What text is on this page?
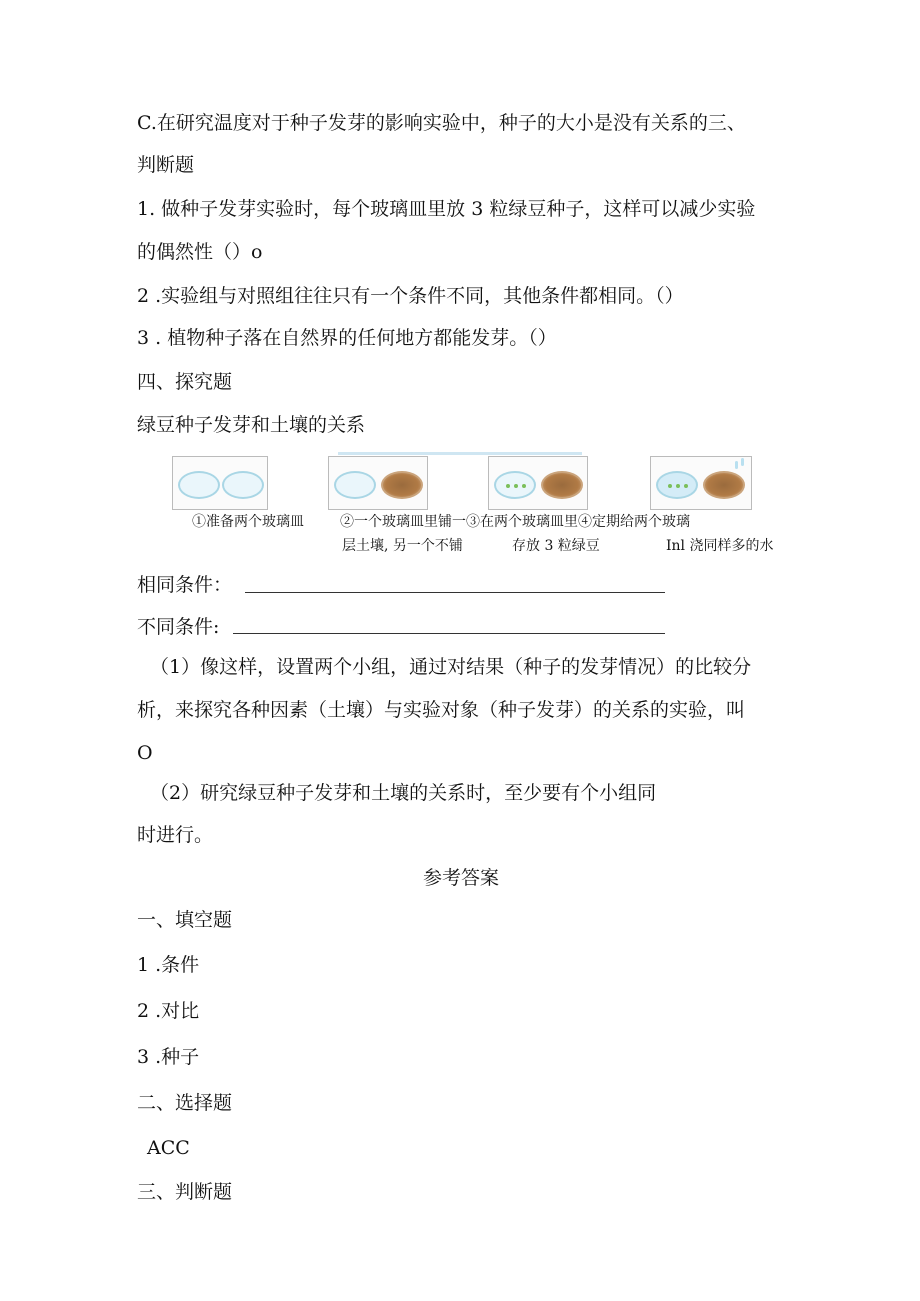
C.在研究温度对于种子发芽的影响实验中，种子的大小是没有关系的三、
判断题
1. 做种子发芽实验时，每个玻璃皿里放 3 粒绿豆种子，这样可以减少实验
的偶然性（）o
2 .实验组与对照组往往只有一个条件不同，其他条件都相同。（）
3 . 植物种子落在自然界的任何地方都能发芽。（）
四、探究题
绿豆种子发芽和土壤的关系
①准备两个玻璃皿	②一个玻璃皿里铺一③在两个玻璃皿里④定期给两个玻璃
层土壤, 另一个不铺	存放 3 粒绿豆	Inl 浇同样多的水
相同条件：
不同条件:
（1）像这样，设置两个小组，通过对结果（种子的发芽情况）的比较分
析，来探究各种因素（土壤）与实验对象（种子发芽）的关系的实验，叫
O
（2）研究绿豆种子发芽和土壤的关系时，至少要有个小组同
时进行。
参考答案
一、填空题
1 .条件
2 .对比
3 .种子
二、选择题
ACC
三、判断题
